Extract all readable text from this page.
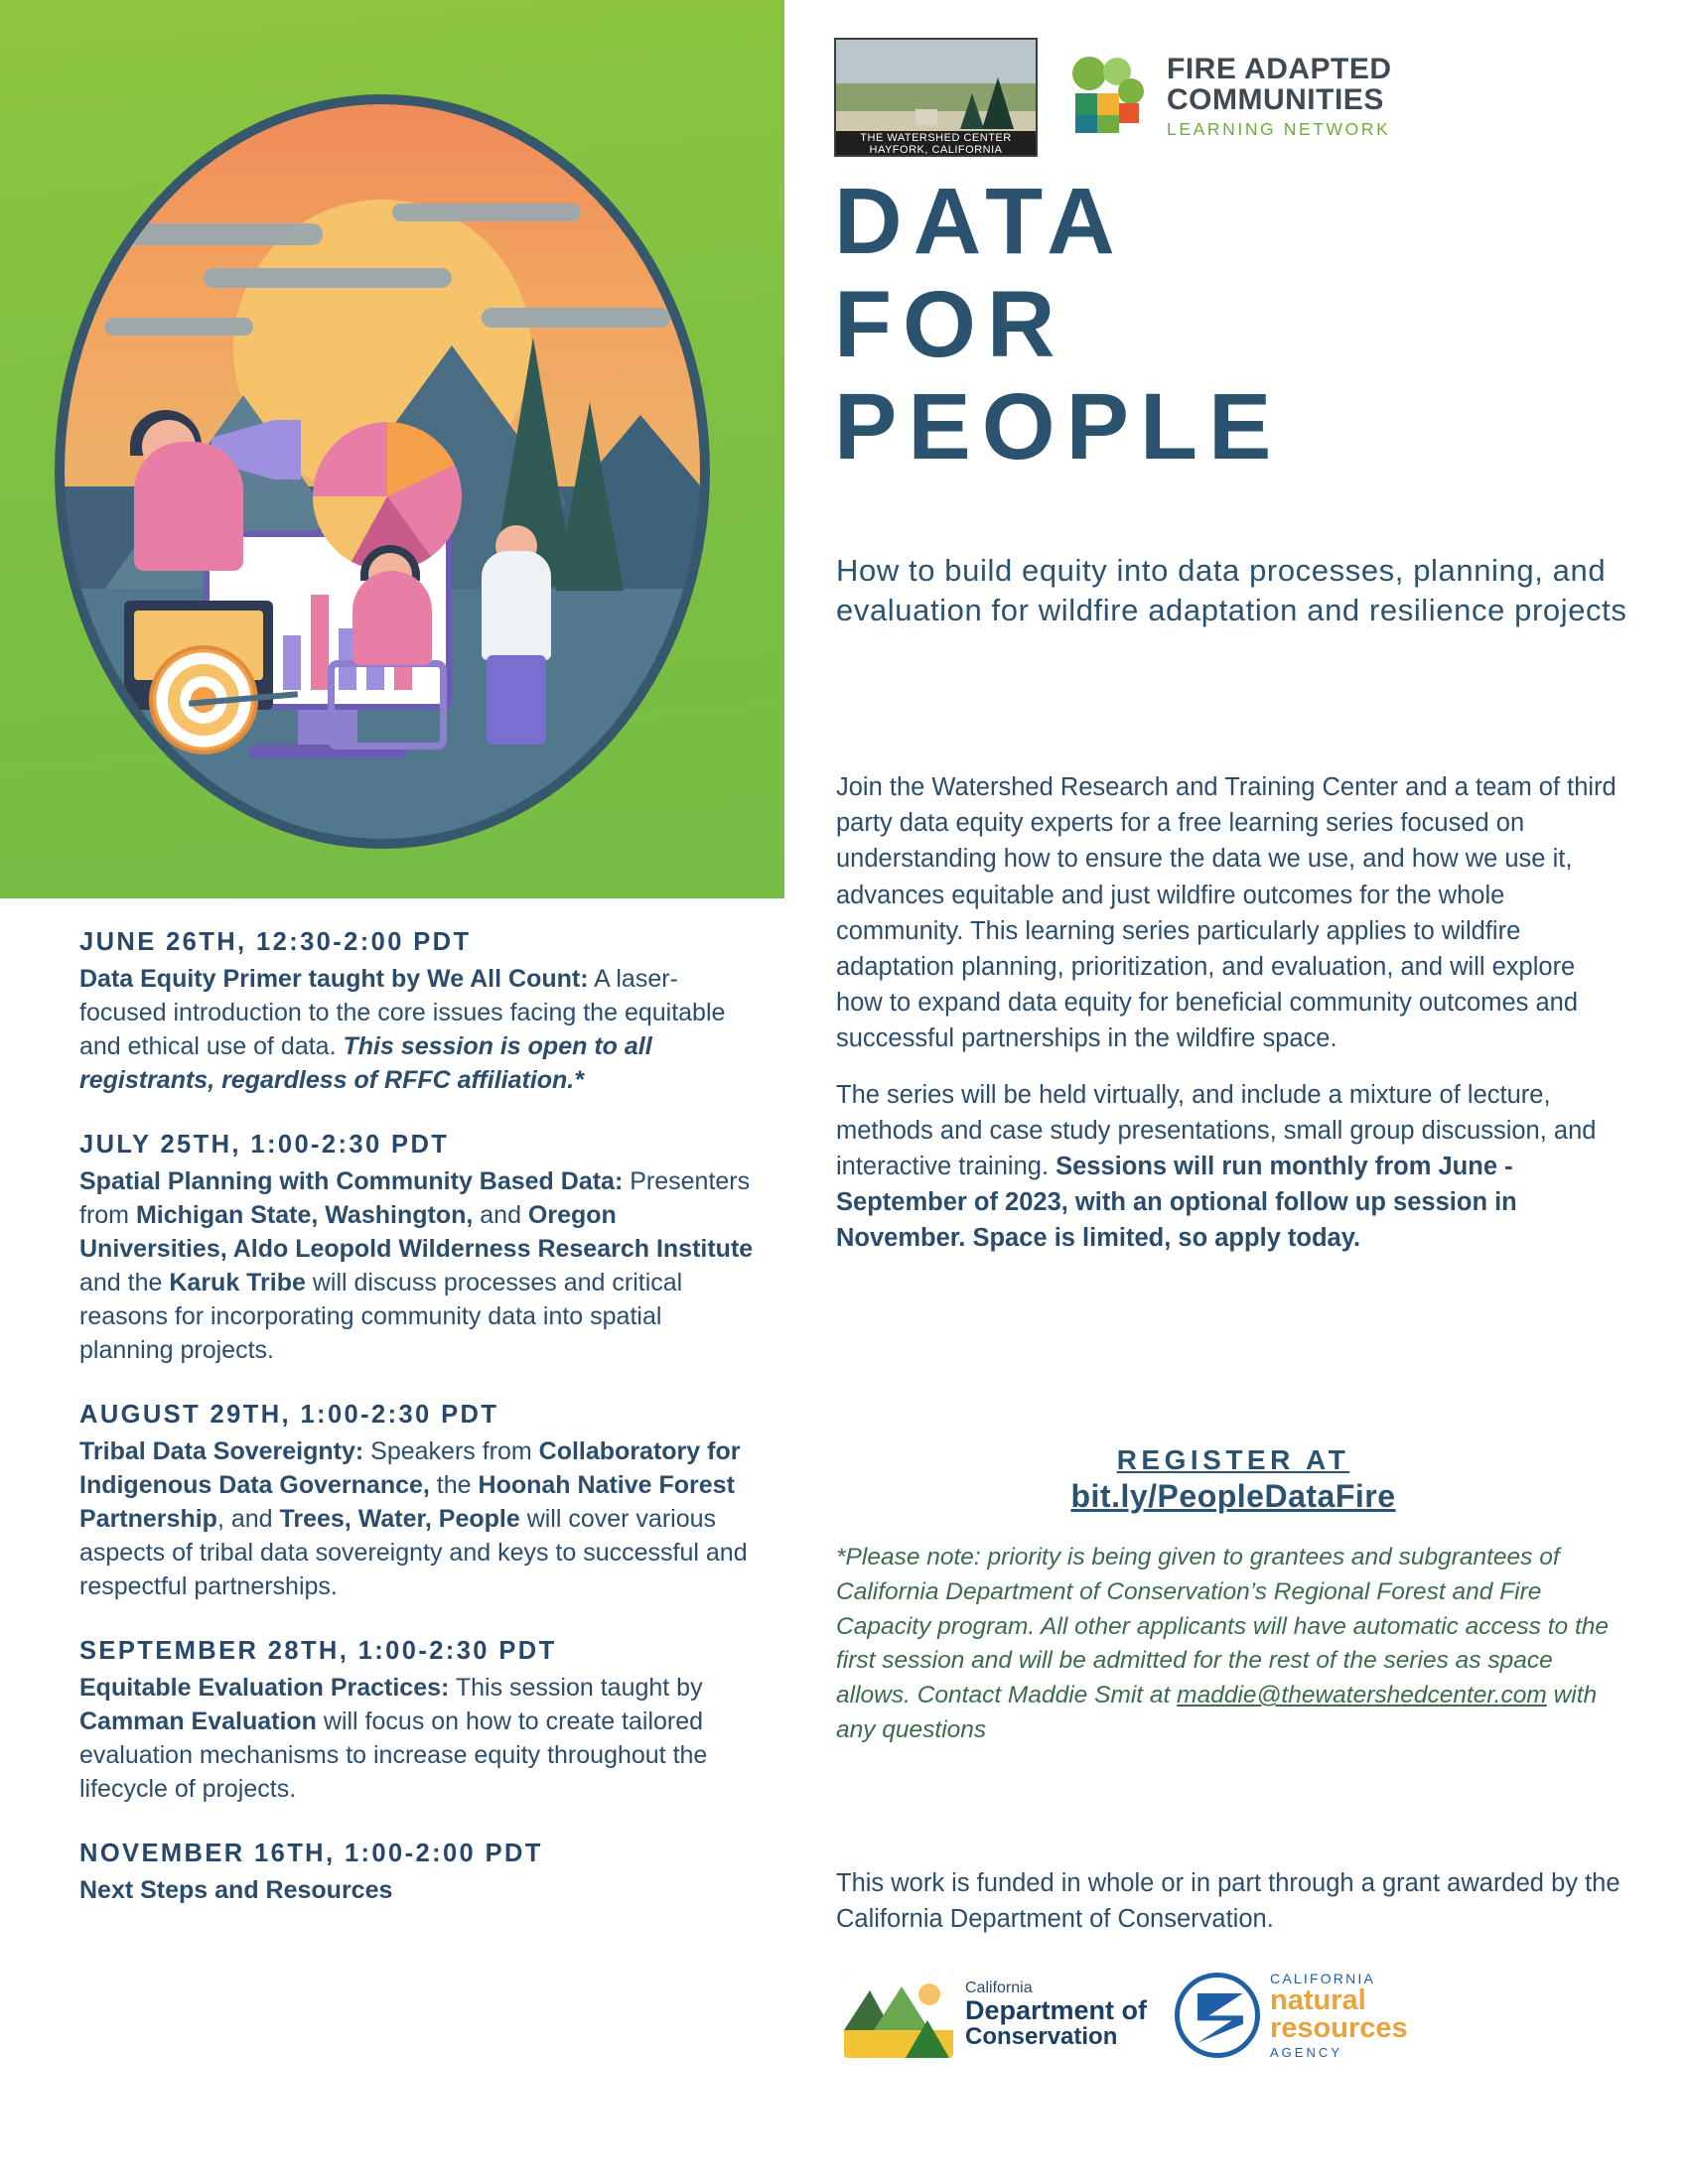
JUNE 26TH, 12:30-2:00 PDT
Data Equity Primer taught by We All Count: A laser-focused introduction to the core issues facing the equitable and ethical use of data. This session is open to all registrants, regardless of RFFC affiliation.*
JULY 25TH, 1:00-2:30 PDT
Spatial Planning with Community Based Data: Presenters from Michigan State, Washington, and Oregon Universities, Aldo Leopold Wilderness Research Institute and the Karuk Tribe will discuss processes and critical reasons for incorporating community data into spatial planning projects.
AUGUST 29TH, 1:00-2:30 PDT
Tribal Data Sovereignty: Speakers from Collaboratory for Indigenous Data Governance, the Hoonah Native Forest Partnership, and Trees, Water, People will cover various aspects of tribal data sovereignty and keys to successful and respectful partnerships.
SEPTEMBER 28TH, 1:00-2:30 PDT
Equitable Evaluation Practices: This session taught by Camman Evaluation will focus on how to create tailored evaluation mechanisms to increase equity throughout the lifecycle of projects.
NOVEMBER 16TH, 1:00-2:00 PDT
Next Steps and Resources
THE WATERSHED CENTER
HAYFORK, CALIFORNIA
FIRE ADAPTED
COMMUNITIES
LEARNING NETWORK
DATA
FOR
PEOPLE
How to build equity into data processes, planning, and evaluation for wildfire adaptation and resilience projects

Join the Watershed Research and Training Center and a team of third party data equity experts for a free learning series focused on understanding how to ensure the data we use, and how we use it, advances equitable and just wildfire outcomes for the whole community. This learning series particularly applies to wildfire adaptation planning, prioritization, and evaluation, and will explore how to expand data equity for beneficial community outcomes and successful partnerships in the wildfire space.

The series will be held virtually, and include a mixture of lecture, methods and case study presentations, small group discussion, and interactive training. Sessions will run monthly from June - September of 2023, with an optional follow up session in November. Space is limited, so apply today.

REGISTER AT
bit.ly/PeopleDataFire
*Please note: priority is being given to grantees and subgrantees of California Department of Conservation’s Regional Forest and Fire Capacity program. All other applicants will have automatic access to the first session and will be admitted for the rest of the series as space allows. Contact Maddie Smit at maddie@thewatershedcenter.com with any questions
This work is funded in whole or in part through a grant awarded by the California Department of Conservation.
California
Department of
Conservation
CALIFORNIA
natural
resources
AGENCY
